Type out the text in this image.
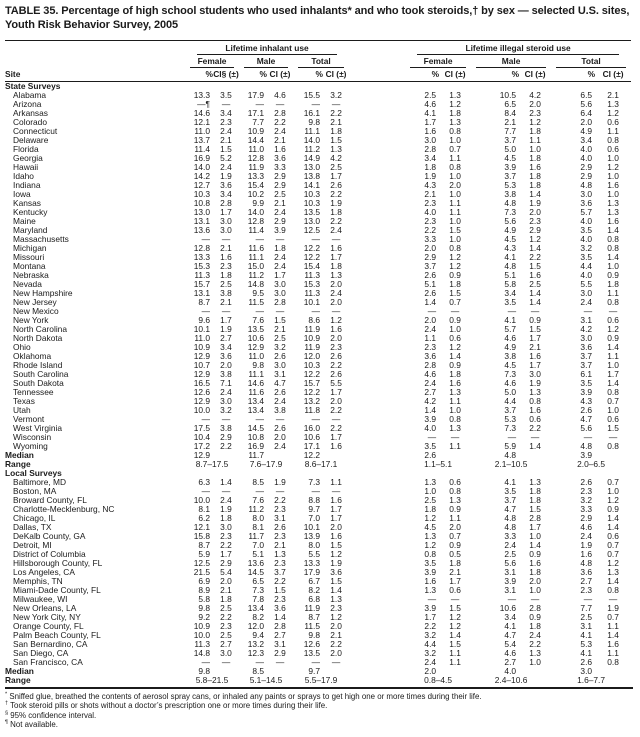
TABLE 35. Percentage of high school students who used inhalants* and who took steroids,† by sex — selected U.S. sites, Youth Risk Behavior Survey, 2005

	Lifetime inhalant use							Lifetime illegal steroid use					

	Female		Male		Total			Female		Male		Total	

Site	%	CI§ (±)	%	CI (±)	%	CI (±)		%	CI (±)	%	CI (±)	%	CI (±)
State Surveys													
Alabama	13.3	3.5	17.9	4.6	15.5	3.2		2.5	1.3	10.5	4.2	6.5	2.1
Arizona	—¶	—	—	—	—	—		4.6	1.2	6.5	2.0	5.6	1.3
Arkansas	14.6	3.4	17.1	2.8	16.1	2.2		4.1	1.8	8.4	2.3	6.4	1.2
Colorado	12.1	2.3	7.7	2.2	9.8	2.1		1.7	1.3	2.1	1.2	2.0	0.6
Connecticut	11.0	2.4	10.9	2.4	11.1	1.8		1.6	0.8	7.7	1.8	4.9	1.1
Delaware	13.7	2.1	14.4	2.1	14.0	1.5		3.0	1.0	3.7	1.1	3.4	0.8
Florida	11.4	1.5	11.0	1.6	11.2	1.3		2.8	0.7	5.0	1.0	4.0	0.6
Georgia	16.9	5.2	12.8	3.6	14.9	4.2		3.4	1.1	4.5	1.8	4.0	1.0
Hawaii	14.0	2.4	11.9	3.3	13.0	2.5		1.8	0.8	3.9	1.6	2.9	1.2
Idaho	14.2	1.9	13.3	2.9	13.8	1.7		1.9	1.0	3.7	1.8	2.9	1.0
Indiana	12.7	3.6	15.4	2.9	14.1	2.6		4.3	2.0	5.3	1.8	4.8	1.6
Iowa	10.3	3.4	10.2	2.5	10.3	2.2		2.1	1.0	3.8	1.4	3.0	1.0
Kansas	10.8	2.8	9.9	2.1	10.3	1.9		2.3	1.1	4.8	1.9	3.6	1.3
Kentucky	13.0	1.7	14.0	2.4	13.5	1.8		4.0	1.1	7.3	2.0	5.7	1.3
Maine	13.1	3.0	12.8	2.9	13.0	2.2		2.3	1.0	5.6	2.3	4.0	1.6
Maryland	13.6	3.0	11.4	3.9	12.5	2.4		2.2	1.5	4.9	2.9	3.5	1.4
Massachusetts	—	—	—	—	—	—		3.3	1.0	4.5	1.2	4.0	0.8
Michigan	12.8	2.1	11.6	1.8	12.2	1.6		2.0	0.8	4.3	1.4	3.2	0.8
Missouri	13.3	1.6	11.1	2.4	12.2	1.7		2.9	1.2	4.1	2.2	3.5	1.4
Montana	15.3	2.3	15.0	2.4	15.4	1.8		3.7	1.2	4.8	1.5	4.4	1.0
Nebraska	11.3	1.8	11.2	1.7	11.3	1.3		2.6	0.9	5.1	1.6	4.0	0.9
Nevada	15.7	2.5	14.8	3.0	15.3	2.0		5.1	1.8	5.8	2.5	5.5	1.8
New Hampshire	13.1	3.8	9.5	3.0	11.3	2.4		2.6	1.5	3.4	1.4	3.0	1.1
New Jersey	8.7	2.1	11.5	2.8	10.1	2.0		1.4	0.7	3.5	1.4	2.4	0.8
New Mexico	—	—	—	—	—	—		—	—	—	—	—	—
New York	9.6	1.7	7.6	1.5	8.6	1.2		2.0	0.9	4.1	0.9	3.1	0.6
North Carolina	10.1	1.9	13.5	2.1	11.9	1.6		2.4	1.0	5.7	1.5	4.2	1.2
North Dakota	11.0	2.7	10.6	2.5	10.9	2.0		1.1	0.6	4.6	1.7	3.0	0.9
Ohio	10.9	3.4	12.9	3.2	11.9	2.3		2.3	1.2	4.9	2.1	3.6	1.4
Oklahoma	12.9	3.6	11.0	2.6	12.0	2.6		3.6	1.4	3.8	1.6	3.7	1.1
Rhode Island	10.7	2.0	9.8	3.0	10.3	2.2		2.8	0.9	4.5	1.7	3.7	1.0
South Carolina	12.9	3.8	11.1	3.1	12.2	2.6		4.6	1.8	7.3	3.0	6.1	1.7
South Dakota	16.5	7.1	14.6	4.7	15.7	5.5		2.4	1.6	4.6	1.9	3.5	1.4
Tennessee	12.6	2.4	11.6	2.6	12.2	1.7		2.7	1.3	5.0	1.3	3.9	0.8
Texas	12.9	3.0	13.4	2.4	13.2	2.0		4.2	1.1	4.4	0.8	4.3	0.7
Utah	10.0	3.2	13.4	3.8	11.8	2.2		1.4	1.0	3.7	1.6	2.6	1.0
Vermont	—	—	—	—	—	—		3.9	0.8	5.3	0.6	4.7	0.6
West Virginia	17.5	3.8	14.5	2.6	16.0	2.2		4.0	1.3	7.3	2.2	5.6	1.5
Wisconsin	10.4	2.9	10.8	2.0	10.6	1.7		—	—	—	—	—	—
Wyoming	17.2	2.2	16.9	2.4	17.1	1.6		3.5	1.1	5.9	1.4	4.8	0.8
Median	12.9		11.7		12.2			2.6		4.8		3.9	
Range	8.7–17.5		7.6–17.9		8.6–17.1			1.1–5.1		2.1–10.5		2.0–6.5	
Local Surveys													
Baltimore, MD	6.3	1.4	8.5	1.9	7.3	1.1		1.3	0.6	4.1	1.3	2.6	0.7
Boston, MA	—	—	—	—	—	—		1.0	0.8	3.5	1.8	2.3	1.0
Broward County, FL	10.0	2.4	7.6	2.2	8.8	1.6		2.5	1.3	3.7	1.8	3.2	1.2
Charlotte-Mecklenburg, NC	8.1	1.9	11.2	2.3	9.7	1.7		1.8	0.9	4.7	1.5	3.3	0.9
Chicago, IL	6.2	1.8	8.0	3.1	7.0	1.7		1.2	1.1	4.8	2.8	2.9	1.4
Dallas, TX	12.1	3.0	8.1	2.6	10.1	2.0		4.5	2.0	4.8	1.7	4.6	1.4
DeKalb County, GA	15.8	2.3	11.7	2.3	13.9	1.6		1.3	0.7	3.3	1.0	2.4	0.6
Detroit, MI	8.7	2.2	7.0	2.1	8.0	1.5		1.2	0.9	2.4	1.4	1.9	0.7
District of Columbia	5.9	1.7	5.1	1.3	5.5	1.2		0.8	0.5	2.5	0.9	1.6	0.7
Hillsborough County, FL	12.5	2.9	13.6	2.3	13.3	1.9		3.5	1.8	5.6	1.6	4.8	1.2
Los Angeles, CA	21.5	5.4	14.5	3.7	17.9	3.6		3.9	2.1	3.1	1.8	3.6	1.3
Memphis, TN	6.9	2.0	6.5	2.2	6.7	1.5		1.6	1.7	3.9	2.0	2.7	1.4
Miami-Dade County, FL	8.9	2.1	7.3	1.5	8.2	1.4		1.3	0.6	3.1	1.0	2.3	0.8
Milwaukee, WI	5.8	1.8	7.8	2.3	6.8	1.3		—	—	—	—	—	—
New Orleans, LA	9.8	2.5	13.4	3.6	11.9	2.3		3.9	1.5	10.6	2.8	7.7	1.9
New York City, NY	9.2	2.2	8.2	1.4	8.7	1.2		1.7	1.2	3.4	0.9	2.5	0.7
Orange County, FL	10.9	2.3	12.0	2.8	11.5	2.0		2.2	1.2	4.1	1.8	3.1	1.1
Palm Beach County, FL	10.0	2.5	9.4	2.7	9.8	2.1		3.2	1.4	4.7	2.4	4.1	1.4
San Bernardino, CA	11.3	2.7	13.2	3.1	12.6	2.2		4.4	1.5	5.4	2.2	5.3	1.6
San Diego, CA	14.8	3.0	12.3	2.9	13.5	2.0		3.2	1.1	4.6	1.3	4.1	1.1
San Francisco, CA	—	—	—	—	—	—		2.4	1.1	2.7	1.0	2.6	0.8
Median	9.8		8.5		9.7			2.0		4.0		3.0	
Range	5.8–21.5		5.1–14.5		5.5–17.9			0.8–4.5		2.4–10.6		1.6–7.7	
* Sniffed glue, breathed the contents of aerosol spray cans, or inhaled any paints or sprays to get high one or more times during their life.
† Took steroid pills or shots without a doctor’s prescription one or more times during their life.
§ 95% confidence interval.
¶ Not available.
